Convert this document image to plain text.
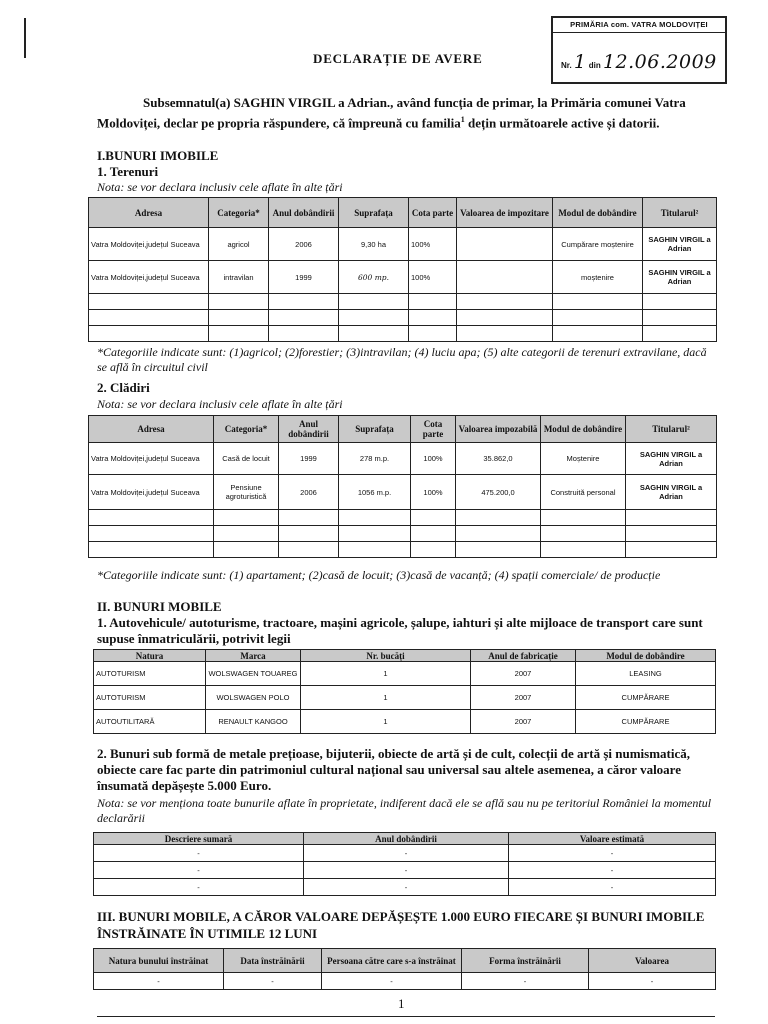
PRIMĂRIA com. VATRA MOLDOVIȚEI
Nr. 1 din 12.06.2009
DECLARAȚIE DE AVERE

Subsemnatul(a) SAGHIN VIRGIL a Adrian., având funcția de primar, la Primăria comunei Vatra Moldoviței, declar pe propria răspundere, că împreună cu familia$^1$ dețin următoarele active și datorii.

I.BUNURI IMOBILE
1. Terenuri
Nota: se vor declara inclusiv cele aflate în alte țări
Adresa	Categoria*	Anul dobândirii	Suprafața	Cota parte	Valoarea de impozitare	Modul de dobândire	Titularul²
Vatra Moldoviței,județul Suceava	agricol	2006	9,30 ha	100%		Cumpărare moștenire	SAGHIN VIRGIL a Adrian
Vatra Moldoviței,județul Suceava	intravilan	1999	600 mp.	100%		moștenire	SAGHIN VIRGIL a Adrian

*Categoriile indicate sunt: (1)agricol; (2)forestier; (3)intravilan; (4) luciu apa; (5) alte categorii de terenuri extravilane, dacă se află în circuitul civil
2. Clădiri
Nota: se vor declara inclusiv cele aflate în alte țări
Adresa	Categoria*	Anul dobândirii	Suprafața	Cota parte	Valoarea impozabilă	Modul de dobândire	Titularul²
Vatra Moldoviței,județul Suceava	Casă de locuit	1999	278 m.p.	100%	35.862,0	Moștenire	SAGHIN VIRGIL a Adrian
Vatra Moldoviței,județul Suceava	Pensiune agroturistică	2006	1056 m.p.	100%	475.200,0	Construită personal	SAGHIN VIRGIL a Adrian

*Categoriile indicate sunt: (1) apartament; (2)casă de locuit; (3)casă de vacanță; (4) spații comerciale/ de producție
II. BUNURI MOBILE
1. Autovehicule/ autoturisme, tractoare, mașini agricole, șalupe, iahturi și alte mijloace de transport care sunt supuse înmatriculării, potrivit legii
Natura	Marca	Nr. bucăți	Anul de fabricație	Modul de dobândire
AUTOTURISM	WOLSWAGEN TOUAREG	1	2007	LEASING
AUTOTURISM	WOLSWAGEN POLO	1	2007	CUMPĂRARE
AUTOUTILITARĂ	RENAULT KANGOO	1	2007	CUMPĂRARE
2. Bunuri sub formă de metale prețioase, bijuterii, obiecte de artă și de cult, colecții de artă și numismatică, obiecte care fac parte din patrimoniul cultural național sau universal sau altele asemenea, a căror valoare însumată depășește 5.000 Euro.
Nota: se vor menționa toate bunurile aflate în proprietate, indiferent dacă ele se află sau nu pe teritoriul României la momentul declarării
Descriere sumară	Anul dobândirii	Valoare estimată
-	-	-
-	-	-
-	-	-
III. BUNURI MOBILE, A CĂROR VALOARE DEPĂȘEȘTE 1.000 EURO FIECARE ȘI BUNURI IMOBILE ÎNSTRĂINATE ÎN UTIMILE 12 LUNI
Natura bunului înstrăinat	Data înstrăinării	Persoana către care s-a înstrăinat	Forma înstrăinării	Valoarea
-	-	-	-	-
1
